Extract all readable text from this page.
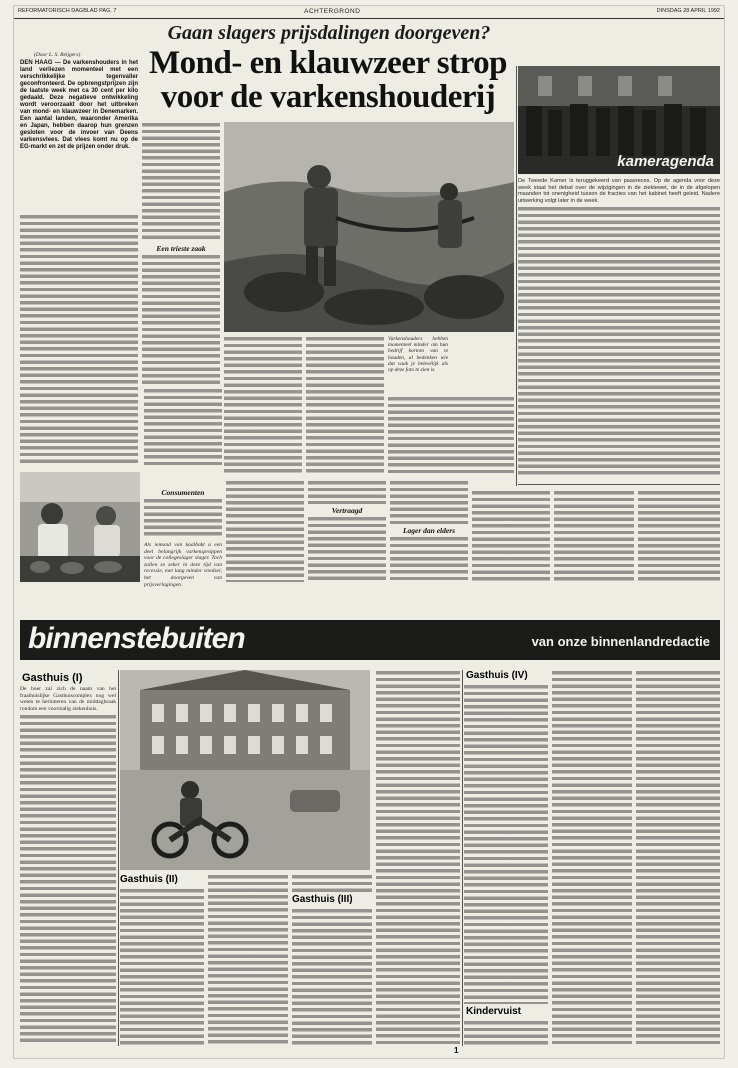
REFORMATORISCH DAGBLAD PAG. 7	ACHTERGROND	DINSDAG 28 APRIL 1992
(Door L. S. Reijgers)
DEN HAAG — De varkenshouders in het land verliezen momenteel met een verschrikkelijke tegenvaller geconfronteerd. De opbrengstprijzen zijn de laatste week met ca 30 cent per kilo gedaald. Deze negatieve ontwikkeling wordt veroorzaakt door het uitbreken van mond- en klauwzeer in Denemarken. Een aantal landen, waaronder Amerika en Japan, hebben daarop hun grenzen gesloten voor de invoer van Deens varkensvlees. Dat vlees komt nu op de EG-markt en zet de prijzen onder druk.
Gaan slagers prijsdalingen doorgeven?
Mond- en klauwzeer strop
voor de varkenshouderij
Een trieste zaak
kameragenda

De Tweede Kamer is teruggekeerd van paasreces. Op de agenda voor deze week staat het debat over de wijzigingen in de ziektewet, de in de afgelopen maanden tot onenigheid tussen de fracties van het kabinet heeft geleid. Nadere uitwerking volgt later in de week.

Varkenshouders hebben momenteel minder om hun bedrijf kortom van te houden, al bedenken wie dat vaak je belevélijk als op deze foto te zien is.
Consumenten
Als iemand van kaalbakt u een deel belangrijk varkensproppen voor de collegeslager slager. Toch zullen ze zeker in deze tijd van recessie, met lang minder voedsel, het doorgeven van prijsverlagingen.
Vertraagd
Lager dan elders
binnenstebuiten	van onze binnenlandredactie
Gasthuis (I)

De boer zal zich de naam van het fraaihuislijke Gasthuiscomplex nog wel weten te herinneren van de middagbraak rondom een voormalig ziekenhuis.

Gasthuis (II)
Gasthuis (III)
Gasthuis (IV)
Kindervuist
1
